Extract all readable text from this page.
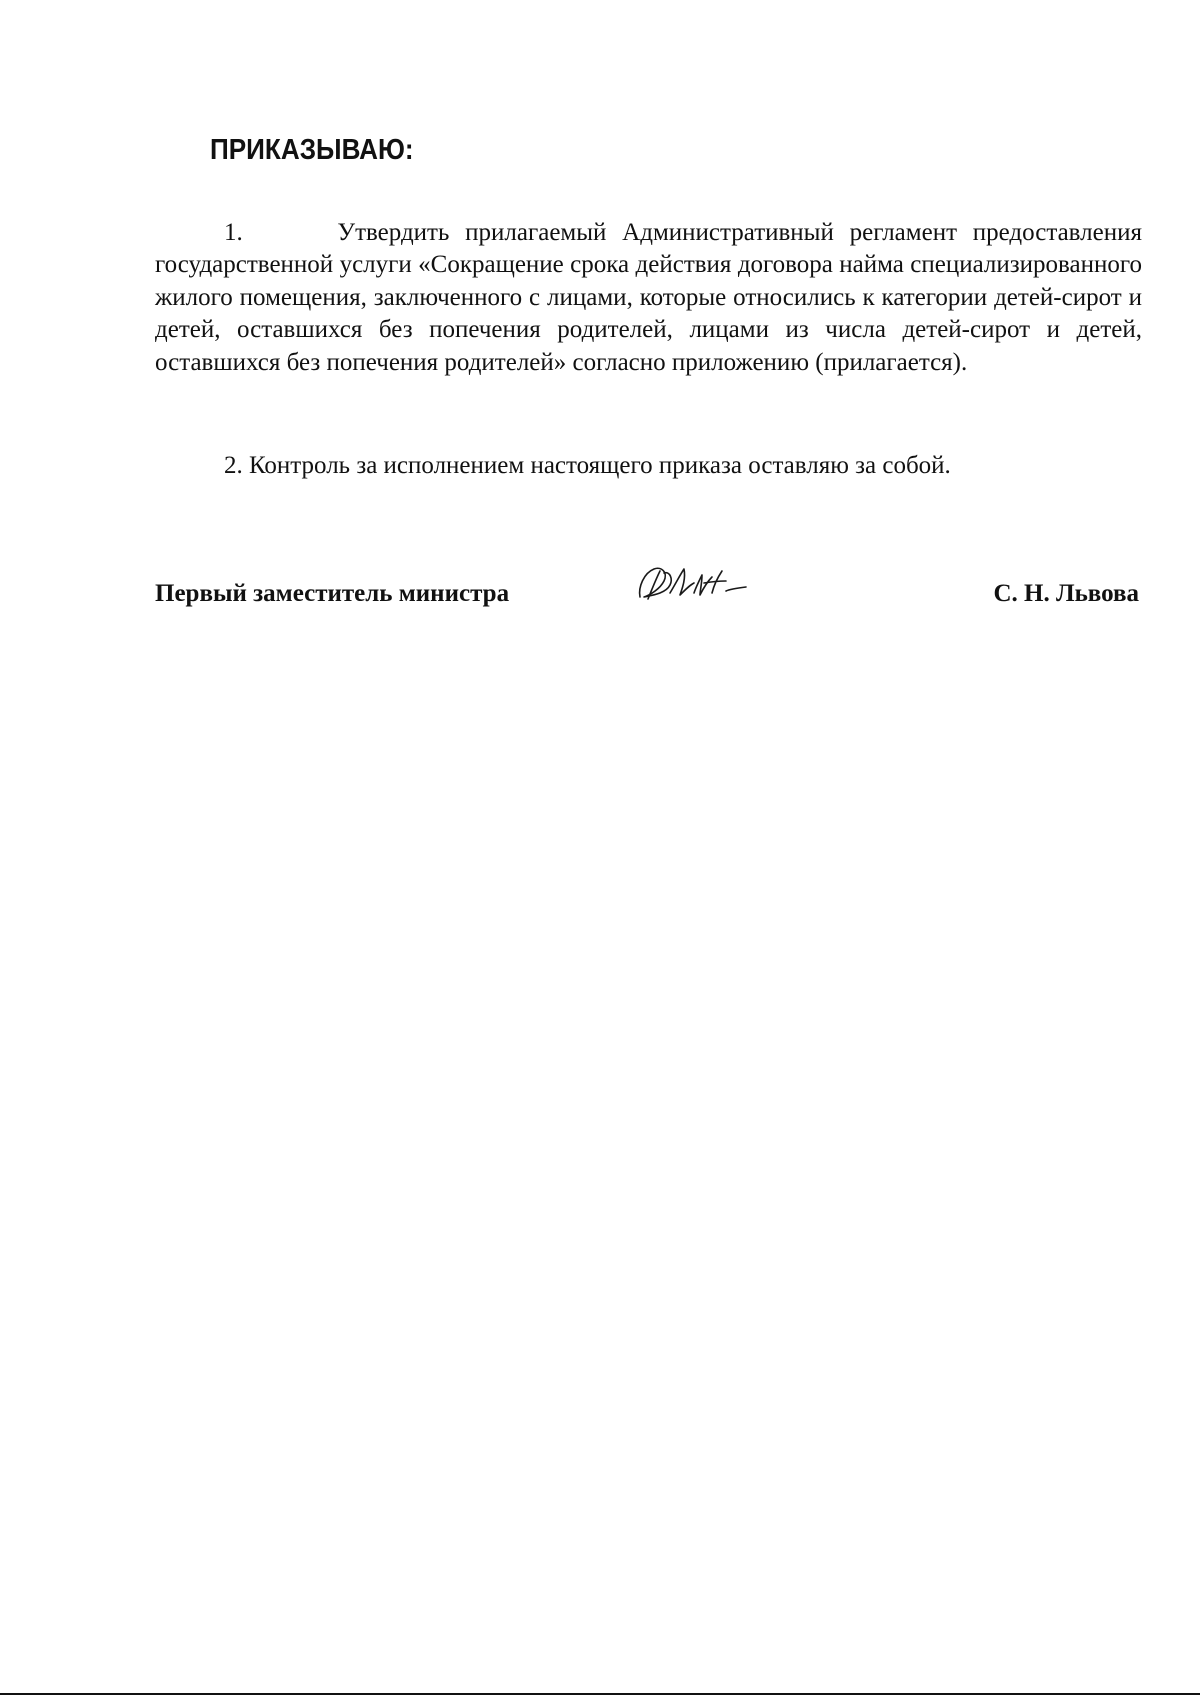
ПРИКАЗЫВАЮ:

1.      Утвердить прилагаемый Административный регламент предоставления государственной услуги «Сокращение срока действия договора найма специализированного жилого помещения, заключенного с лицами, которые относились к категории детей-сирот и детей, оставшихся без попечения родителей, лицами из числа детей-сирот и детей, оставшихся без попечения родителей» согласно приложению (прилагается).

2. Контроль за исполнением настоящего приказа оставляю за собой.

Первый заместитель министра	С. Н. Львова
